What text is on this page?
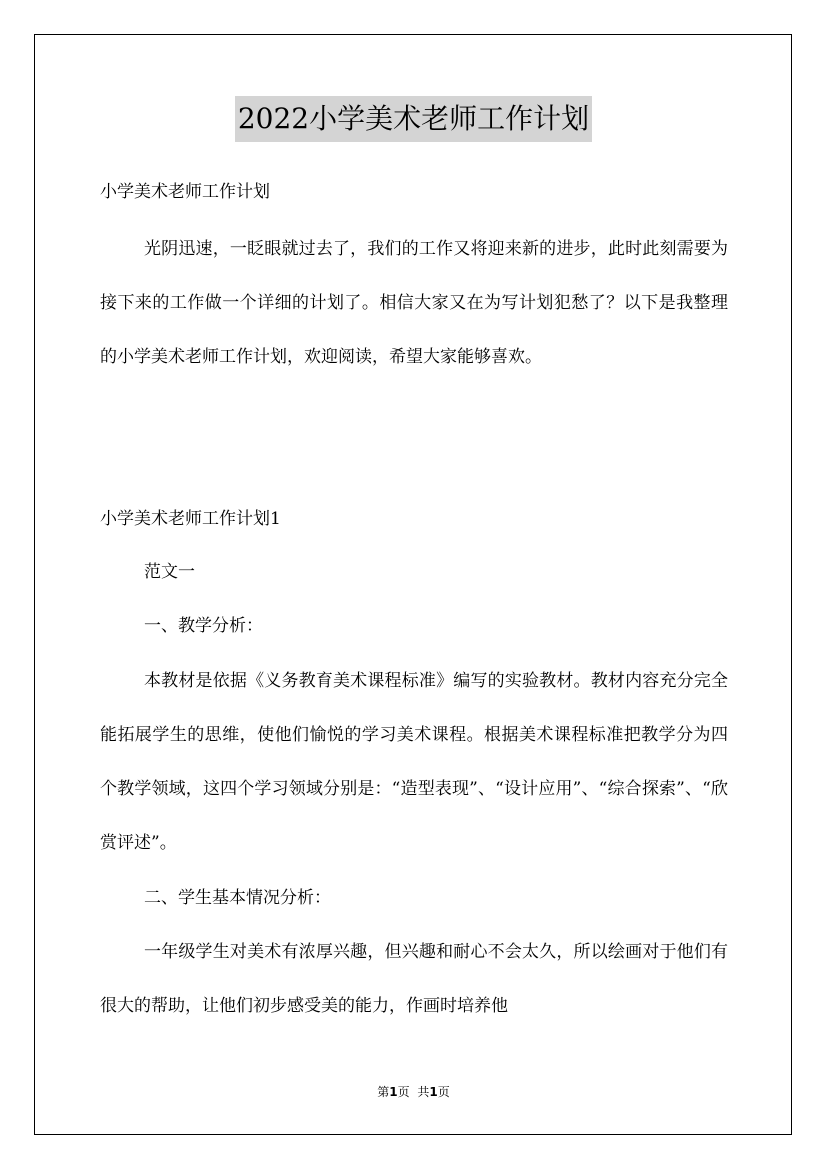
2022小学美术老师工作计划

小学美术老师工作计划

光阴迅速，一眨眼就过去了，我们的工作又将迎来新的进步，此时此刻需要为接下来的工作做一个详细的计划了。相信大家又在为写计划犯愁了？以下是我整理的小学美术老师工作计划，欢迎阅读，希望大家能够喜欢。

小学美术老师工作计划1

范文一

一、教学分析：

本教材是依据《义务教育美术课程标准》编写的实验教材。教材内容充分完全能拓展学生的思维，使他们愉悦的学习美术课程。根据美术课程标准把教学分为四个教学领域，这四个学习领域分别是：“造型表现”、“设计应用”、“综合探索”、“欣赏评述”。

二、学生基本情况分析：

一年级学生对美术有浓厚兴趣，但兴趣和耐心不会太久，所以绘画对于他们有很大的帮助，让他们初步感受美的能力，作画时培养他

第1页 共1页
